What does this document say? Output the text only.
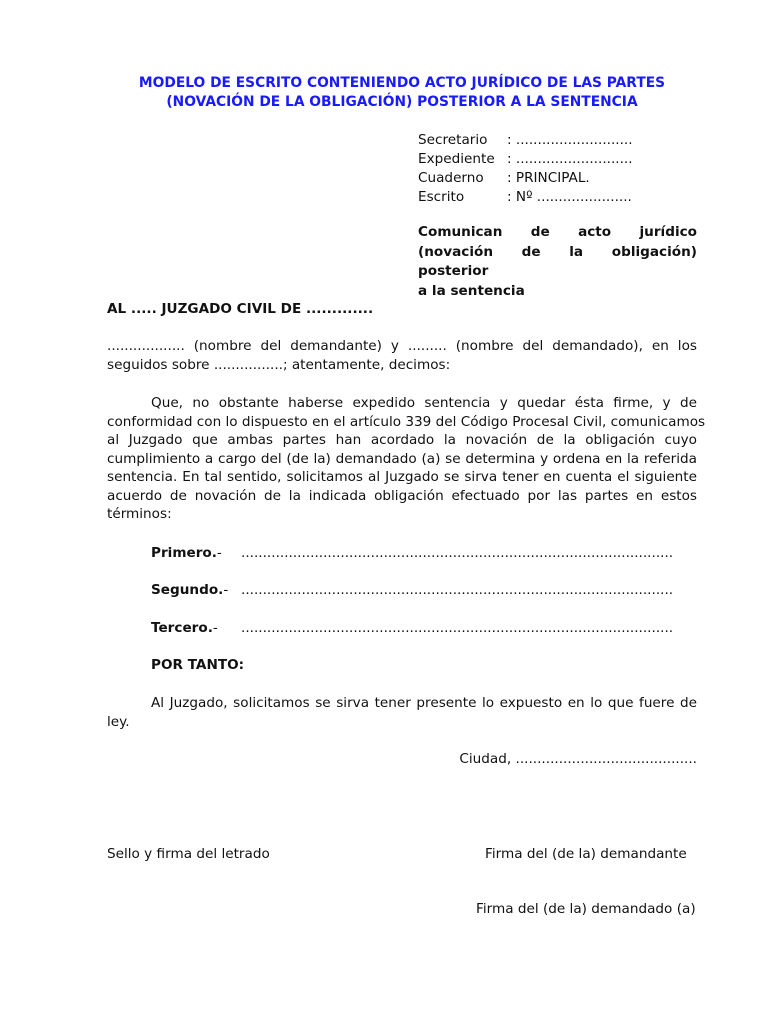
MODELO DE ESCRITO CONTENIENDO ACTO JURÍDICO DE LAS PARTES
(NOVACIÓN DE LA OBLIGACIÓN) POSTERIOR A LA SENTENCIA
Secretario	: ...........................
Expediente : ...........................
Cuaderno	: PRINCIPAL.
Escrito	: Nº ......................
Comunican de acto jurídico
(novación de la obligación) posterior
a la sentencia
AL ..... JUZGADO CIVIL DE .............
.................. (nombre del demandante) y ......... (nombre del demandado), en los
seguidos sobre ................; atentamente, decimos:
Que, no obstante haberse expedido sentencia y quedar ésta firme, y de
conformidad con lo dispuesto en el artículo 339 del Código Procesal Civil, comunicamos
al Juzgado que ambas partes han acordado la novación de la obligación cuyo
cumplimiento a cargo del (de la) demandado (a) se determina y ordena en la referida
sentencia. En tal sentido, solicitamos al Juzgado se sirva tener en cuenta el siguiente
acuerdo de novación de la indicada obligación efectuado por las partes en estos
términos:
Primero.-	....................................................................................................
Segundo.- ....................................................................................................
Tercero.-	....................................................................................................
POR TANTO:
Al Juzgado, solicitamos se sirva tener presente lo expuesto en lo que fuere de
ley.
Ciudad, ..........................................
Sello y firma del letrado	Firma del (de la) demandante
Firma del (de la) demandado (a)
